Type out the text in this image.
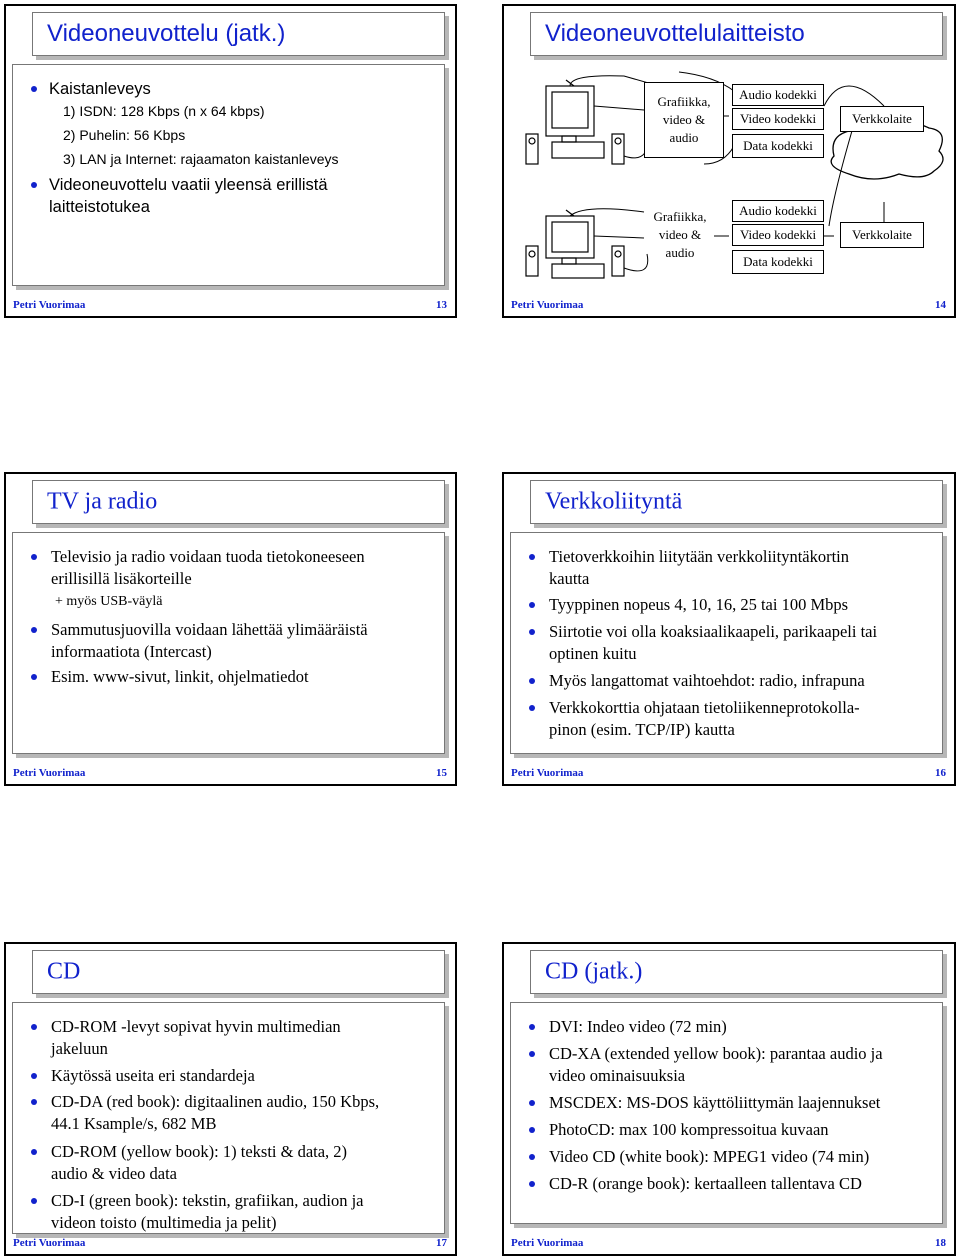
Videoneuvottelu (jatk.)
Kaistanleveys
1) ISDN: 128 Kbps (n x 64 kbps)
2) Puhelin: 56 Kbps
3) LAN ja Internet: rajaamaton kaistanleveys
Videoneuvottelu vaatii yleensä erillistä
laitteistotukea
Petri Vuorimaa	13
Videoneuvottelulaitteisto
Grafiikka,
video &
audio
Audio kodekki
Video kodekki
Data kodekki
Verkkolaite
Grafiikka,
video &
audio
Audio kodekki
Video kodekki
Data kodekki
Verkkolaite
Petri Vuorimaa	14
TV ja radio
Televisio ja radio voidaan tuoda tietokoneeseen
erillisillä lisäkorteille
+ myös USB-väylä
Sammutusjuovilla voidaan lähettää ylimääräistä
informaatiota (Intercast)
Esim. www-sivut, linkit, ohjelmatiedot
Petri Vuorimaa	15
Verkkoliityntä
Tietoverkkoihin liitytään verkkoliityntäkortin
kautta
Tyyppinen nopeus 4, 10, 16, 25 tai 100 Mbps
Siirtotie voi olla koaksiaalikaapeli, parikaapeli tai
optinen kuitu
Myös langattomat vaihtoehdot: radio, infrapuna
Verkkokorttia ohjataan tietoliikenneprotokolla-
pinon (esim. TCP/IP) kautta
Petri Vuorimaa	16
CD
CD-ROM -levyt sopivat hyvin multimedian
jakeluun
Käytössä useita eri standardeja
CD-DA (red book): digitaalinen audio, 150 Kbps,
44.1 Ksample/s, 682 MB
CD-ROM (yellow book): 1) teksti & data, 2)
audio & video data
CD-I (green book): tekstin, grafiikan, audion ja
videon toisto (multimedia ja pelit)
Petri Vuorimaa	17
CD (jatk.)
DVI: Indeo video (72 min)
CD-XA (extended yellow book): parantaa audio ja
video ominaisuuksia
MSCDEX: MS-DOS käyttöliittymän laajennukset
PhotoCD: max 100 kompressoitua kuvaan
Video CD (white book): MPEG1 video (74 min)
CD-R (orange book): kertaalleen tallentava CD
Petri Vuorimaa	18
